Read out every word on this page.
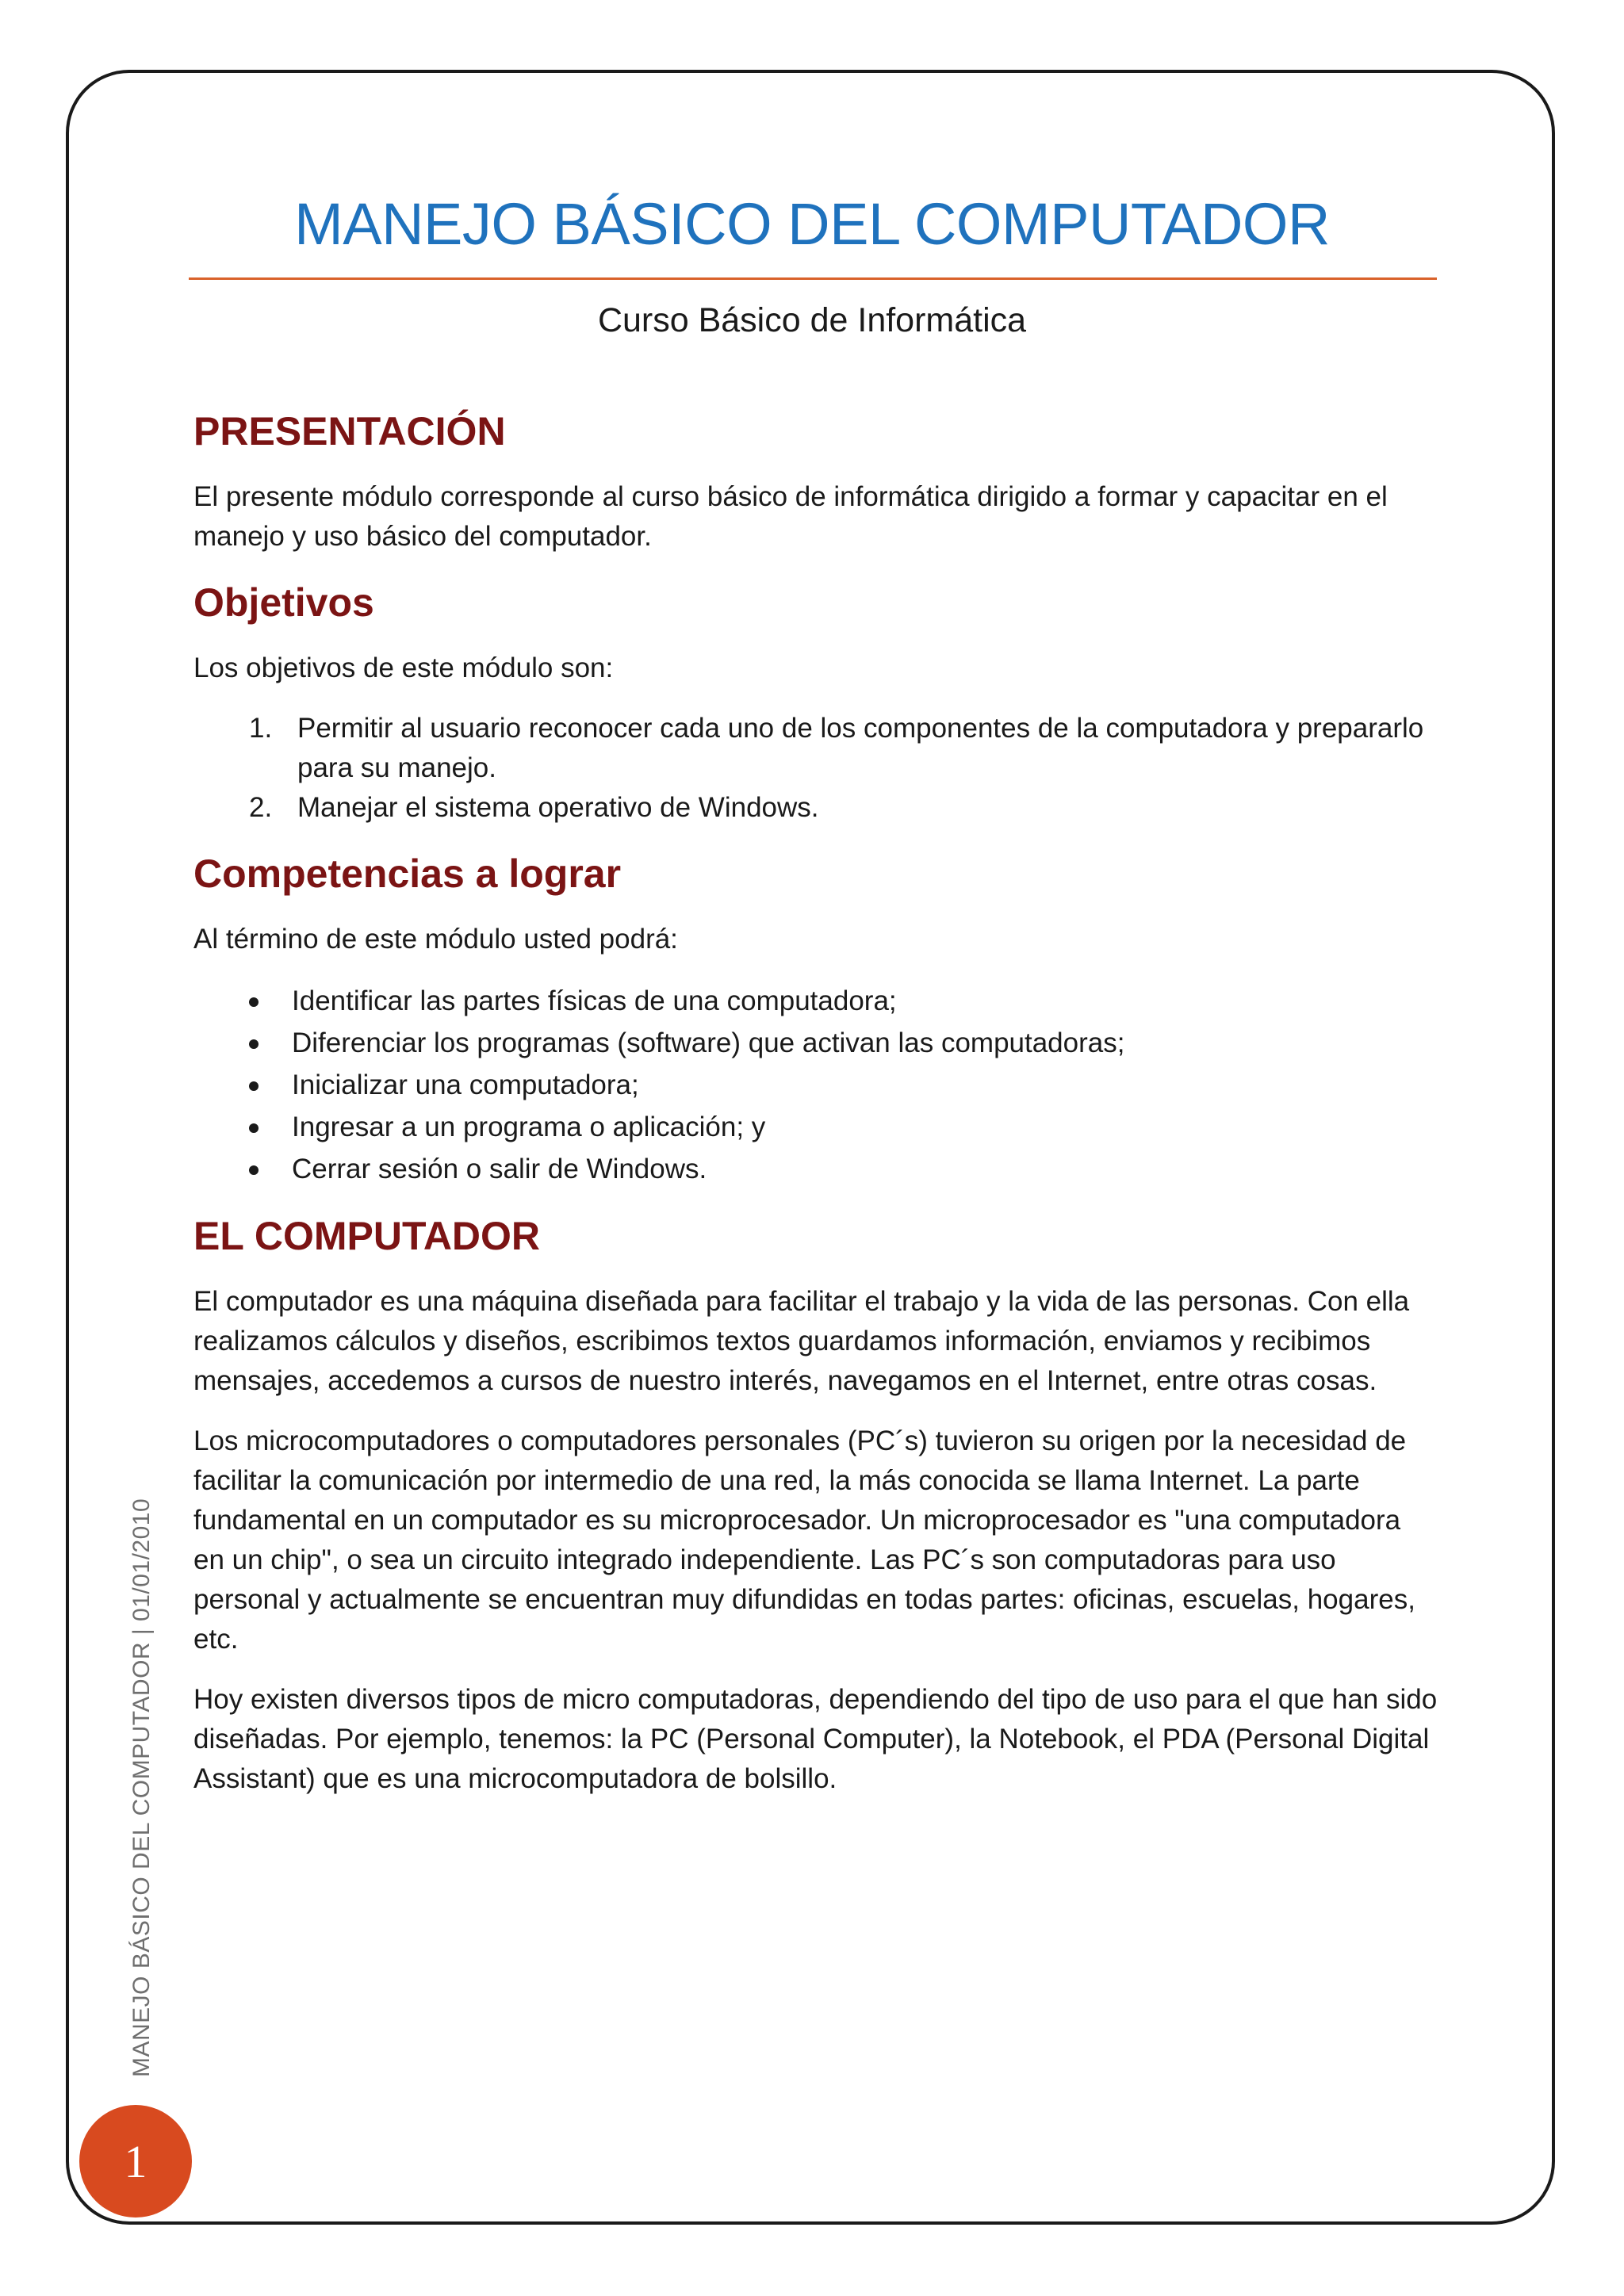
MANEJO BÁSICO DEL COMPUTADOR
Curso Básico de Informática
PRESENTACIÓN

El presente módulo corresponde al curso básico de informática dirigido a formar y capacitar en el manejo y uso básico del computador.

Objetivos

Los objetivos de este módulo son:

1. Permitir al usuario reconocer cada uno de los componentes de la computadora y prepararlo para su manejo.
2. Manejar el sistema operativo de Windows.
Competencias a lograr

Al término de este módulo usted podrá:

Identificar las partes físicas de una computadora;
Diferenciar los programas (software) que activan las computadoras;
Inicializar una computadora;
Ingresar a un programa o aplicación; y
Cerrar sesión o salir de Windows.
EL COMPUTADOR

El computador es una máquina diseñada para facilitar el trabajo y la vida de las personas. Con ella realizamos cálculos y diseños, escribimos textos guardamos información, enviamos y recibimos mensajes, accedemos a cursos de nuestro interés, navegamos en el Internet, entre otras cosas.

Los microcomputadores o computadores personales (PC´s) tuvieron su origen por la necesidad de facilitar la comunicación por intermedio de una red, la más conocida se llama Internet. La parte fundamental en un computador es su microprocesador. Un microprocesador es "una computadora en un chip", o sea un circuito integrado independiente. Las PC´s son computadoras para uso personal y actualmente se encuentran muy difundidas en todas partes: oficinas, escuelas, hogares, etc.

Hoy existen diversos tipos de micro computadoras, dependiendo del tipo de uso para el que han sido diseñadas. Por ejemplo, tenemos: la PC (Personal Computer), la Notebook, el PDA (Personal Digital Assistant) que es una microcomputadora de bolsillo.

MANEJO BÁSICO DEL COMPUTADOR | 01/01/2010
1
